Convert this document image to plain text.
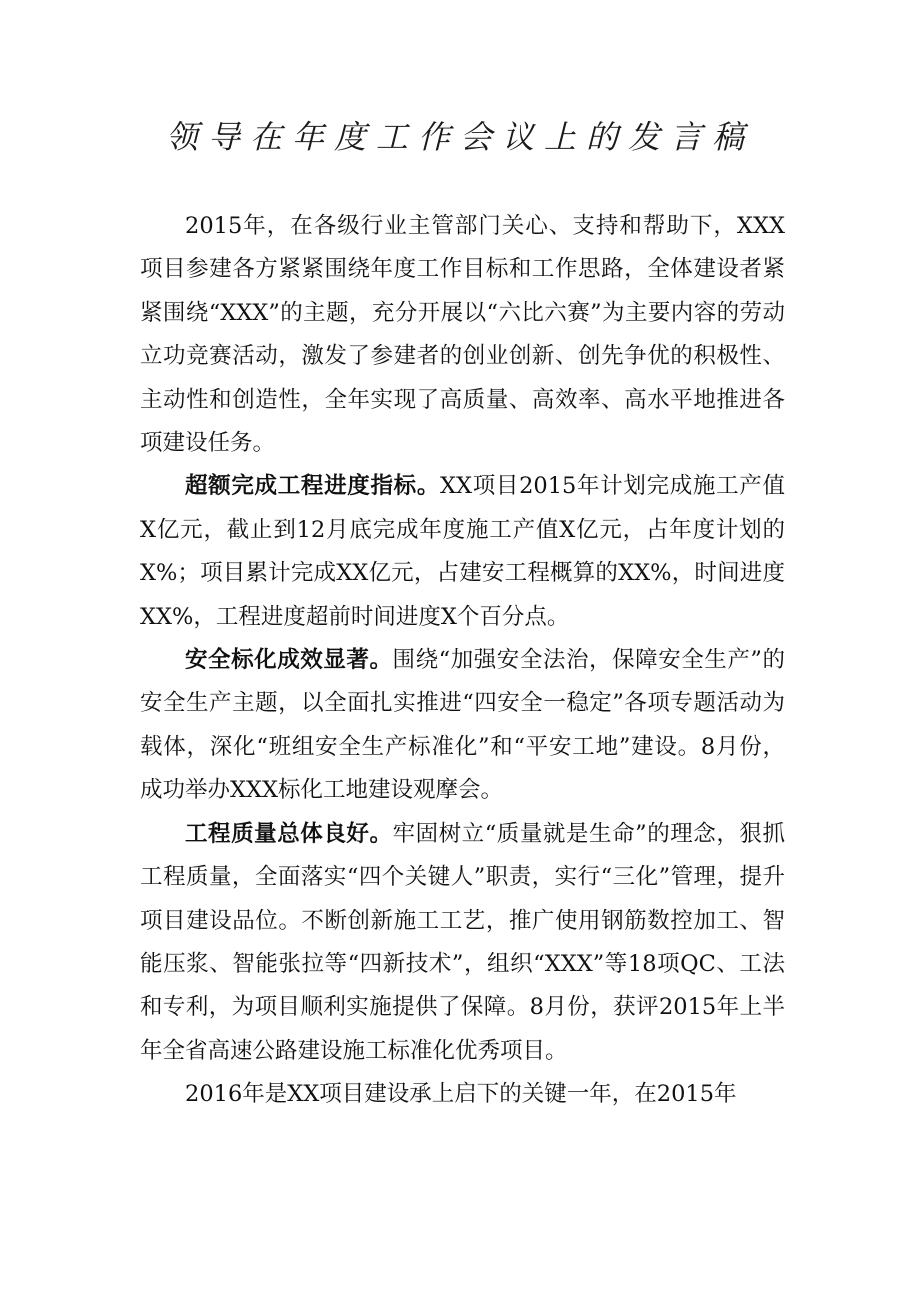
领导在年度工作会议上的发言稿

2015年，在各级行业主管部门关心、支持和帮助下，XXX项目参建各方紧紧围绕年度工作目标和工作思路，全体建设者紧紧围绕“XXX”的主题，充分开展以“六比六赛”为主要内容的劳动立功竞赛活动，激发了参建者的创业创新、创先争优的积极性、主动性和创造性，全年实现了高质量、高效率、高水平地推进各项建设任务。

超额完成工程进度指标。XX项目2015年计划完成施工产值X亿元，截止到12月底完成年度施工产值X亿元，占年度计划的X%；项目累计完成XX亿元，占建安工程概算的XX%，时间进度XX%，工程进度超前时间进度X个百分点。

安全标化成效显著。围绕“加强安全法治，保障安全生产”的安全生产主题，以全面扎实推进“四安全一稳定”各项专题活动为载体，深化“班组安全生产标准化”和“平安工地”建设。8月份，成功举办XXX标化工地建设观摩会。

工程质量总体良好。牢固树立“质量就是生命”的理念，狠抓工程质量，全面落实“四个关键人”职责，实行“三化”管理，提升项目建设品位。不断创新施工工艺，推广使用钢筋数控加工、智能压浆、智能张拉等“四新技术”，组织“XXX”等18项QC、工法和专利，为项目顺利实施提供了保障。8月份，获评2015年上半年全省高速公路建设施工标准化优秀项目。

2016年是XX项目建设承上启下的关键一年，在2015年
